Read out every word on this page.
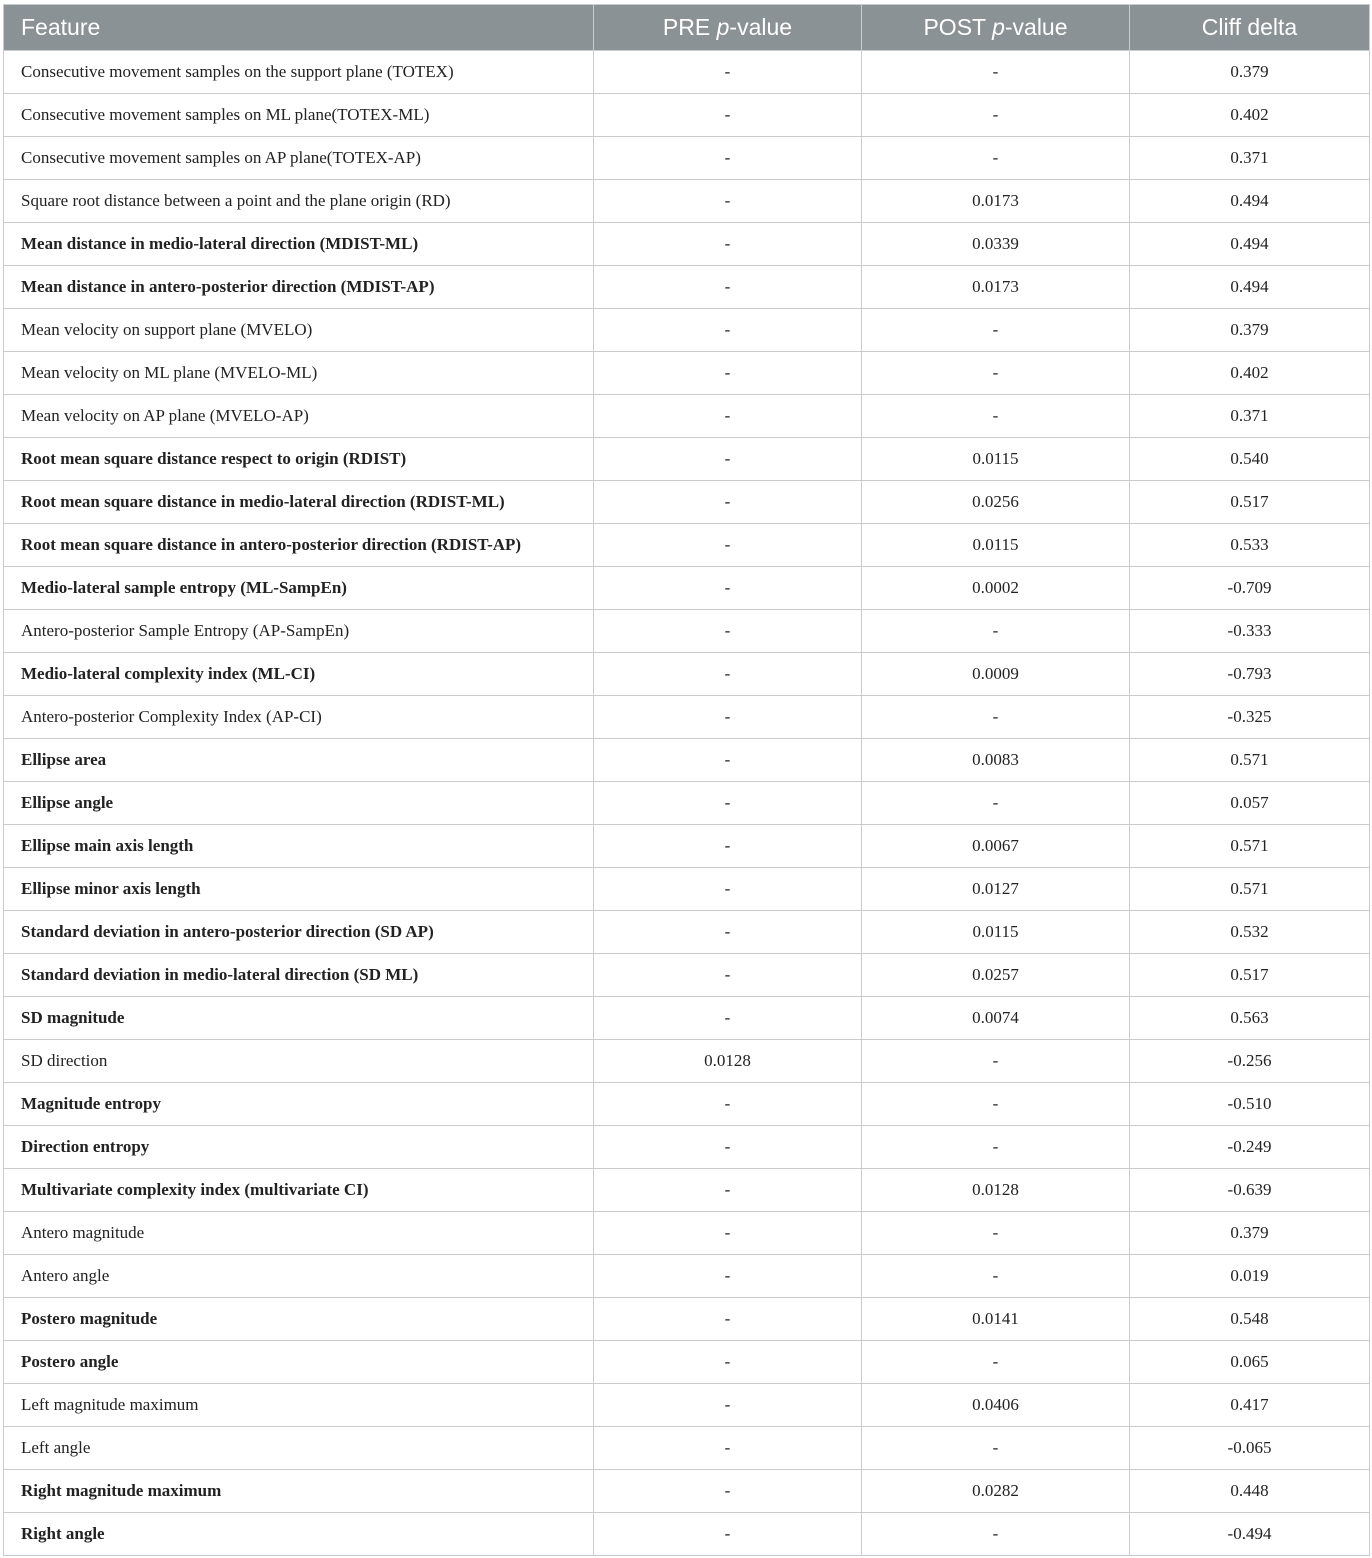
Feature	PRE p-value	POST p-value	Cliff delta
Consecutive movement samples on the support plane (TOTEX)	-	-	0.379
Consecutive movement samples on ML plane(TOTEX-ML)	-	-	0.402
Consecutive movement samples on AP plane(TOTEX-AP)	-	-	0.371
Square root distance between a point and the plane origin (RD)	-	0.0173	0.494
Mean distance in medio-lateral direction (MDIST-ML)	-	0.0339	0.494
Mean distance in antero-posterior direction (MDIST-AP)	-	0.0173	0.494
Mean velocity on support plane (MVELO)	-	-	0.379
Mean velocity on ML plane (MVELO-ML)	-	-	0.402
Mean velocity on AP plane (MVELO-AP)	-	-	0.371
Root mean square distance respect to origin (RDIST)	-	0.0115	0.540
Root mean square distance in medio-lateral direction (RDIST-ML)	-	0.0256	0.517
Root mean square distance in antero-posterior direction (RDIST-AP)	-	0.0115	0.533
Medio-lateral sample entropy (ML-SampEn)	-	0.0002	-0.709
Antero-posterior Sample Entropy (AP-SampEn)	-	-	-0.333
Medio-lateral complexity index (ML-CI)	-	0.0009	-0.793
Antero-posterior Complexity Index (AP-CI)	-	-	-0.325
Ellipse area	-	0.0083	0.571
Ellipse angle	-	-	0.057
Ellipse main axis length	-	0.0067	0.571
Ellipse minor axis length	-	0.0127	0.571
Standard deviation in antero-posterior direction (SD AP)	-	0.0115	0.532
Standard deviation in medio-lateral direction (SD ML)	-	0.0257	0.517
SD magnitude	-	0.0074	0.563
SD direction	0.0128	-	-0.256
Magnitude entropy	-	-	-0.510
Direction entropy	-	-	-0.249
Multivariate complexity index (multivariate CI)	-	0.0128	-0.639
Antero magnitude	-	-	0.379
Antero angle	-	-	0.019
Postero magnitude	-	0.0141	0.548
Postero angle	-	-	0.065
Left magnitude maximum	-	0.0406	0.417
Left angle	-	-	-0.065
Right magnitude maximum	-	0.0282	0.448
Right angle	-	-	-0.494
